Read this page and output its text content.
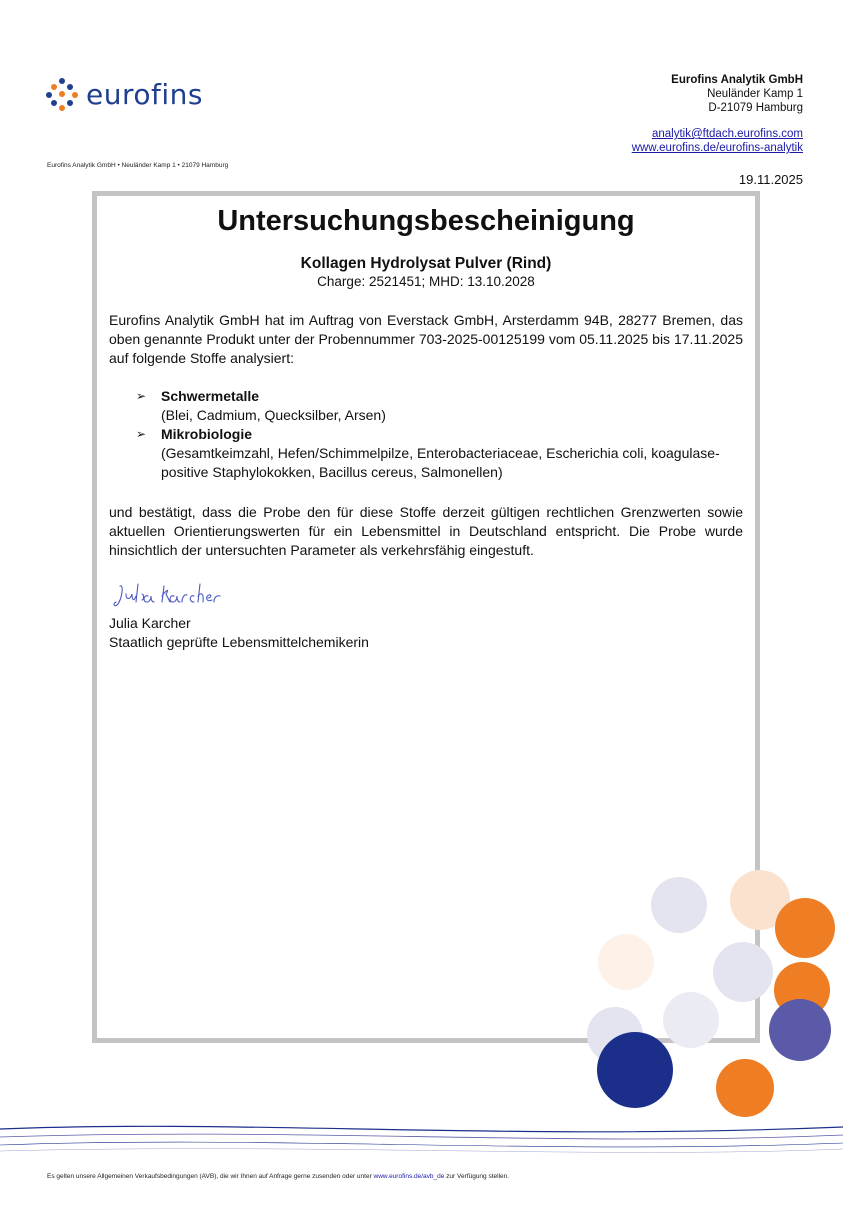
eurofins	Eurofins Analytik GmbH
Neuländer Kamp 1
D-21079 Hamburg
analytik@ftdach.eurofins.com
www.eurofins.de/eurofins-analytik
Eurofins Analytik GmbH • Neuländer Kamp 1 • 21079 Hamburg
19.11.2025
Untersuchungsbescheinigung
Kollagen Hydrolysat Pulver (Rind)
Charge: 2521451; MHD: 13.10.2028
Eurofins Analytik GmbH hat im Auftrag von Everstack GmbH, Arsterdamm 94B, 28277 Bremen, das oben genannte Produkt unter der Probennummer 703-2025-00125199 vom 05.11.2025 bis 17.11.2025 auf folgende Stoffe analysiert:
➢	Schwermetalle
(Blei, Cadmium, Quecksilber, Arsen)
➢	Mikrobiologie
(Gesamtkeimzahl, Hefen/Schimmelpilze, Enterobacteriaceae, Escherichia coli, koagulase-positive Staphylokokken, Bacillus cereus, Salmonellen)
und bestätigt, dass die Probe den für diese Stoffe derzeit gültigen rechtlichen Grenzwerten sowie aktuellen Orientierungswerten für ein Lebensmittel in Deutschland entspricht. Die Probe wurde hinsichtlich der untersuchten Parameter als verkehrsfähig eingestuft.
Julia Karcher
Staatlich geprüfte Lebensmittelchemikerin
Es gelten unsere Allgemeinen Verkaufsbedingungen (AVB), die wir Ihnen auf Anfrage gerne zusenden oder unter www.eurofins.de/avb_de zur Verfügung stellen.
